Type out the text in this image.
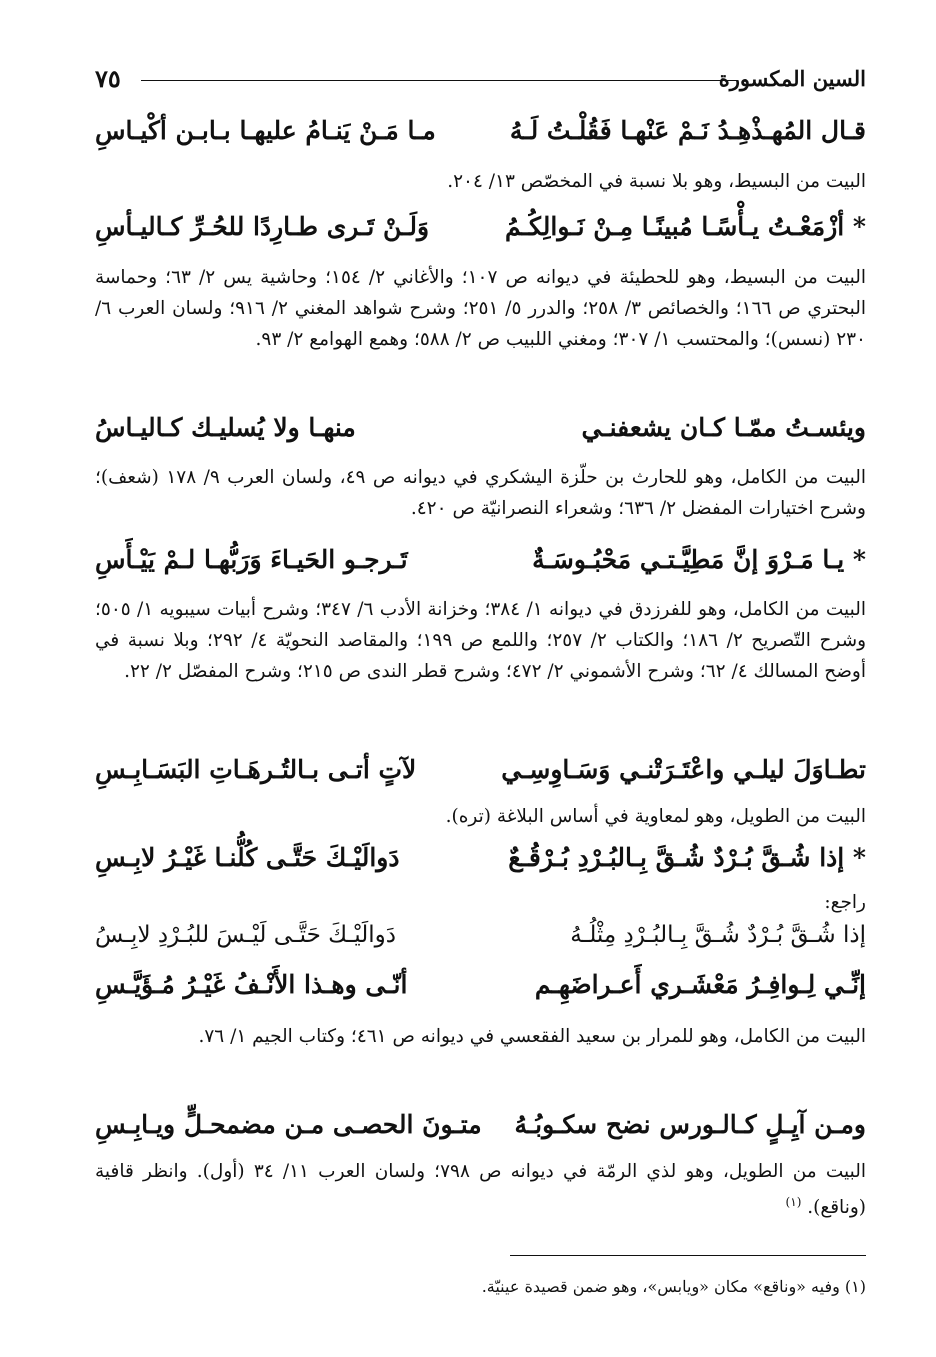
السين المكسورة
٧٥
قـال المُهـذْهِـدُ نَـمْ عَنْهـا فَقُلْـتُ لَـهُ
مـا مَـنْ يَنـامُ عليهـا بـابـن أكْيـاسِ
البيت من البسيط، وهو بلا نسبة في المخصّص ١٣/ ٢٠٤.
* أزْمَعْـتُ يـأْسًـا مُبينًـا مِـنْ نَـوالِكُـمُ
وَلَـنْ تَـرى طـارِدًا للحُـرِّ كـاليـأسِ
البيت من البسيط، وهو للحطيئة في ديوانه ص ١٠٧؛ والأغاني ٢/ ١٥٤؛ وحاشية يس ٢/ ٦٣؛ وحماسة البحتري ص ١٦٦؛ والخصائص ٣/ ٢٥٨؛ والدرر ٥/ ٢٥١؛ وشرح شواهد المغني ٢/ ٩١٦؛ ولسان العرب ٦/ ٢٣٠ (نسس)؛ والمحتسب ١/ ٣٠٧؛ ومغني اللبيب ص ٢/ ٥٨٨؛ وهمع الهوامع ٢/ ٩٣.
ويئسـتُ ممّـا كـان يشعفنـي
منهـا ولا يُسليـك كـاليـاسُ
البيت من الكامل، وهو للحارث بن حلّزة اليشكري في ديوانه ص ٤٩، ولسان العرب ٩/ ١٧٨ (شعف)؛ وشرح اختيارات المفضل ٢/ ٦٣٦؛ وشعراء النصرانيّة ص ٤٢٠.
* يـا مَـرْوَ إنَّ مَطِيَّـتـي مَحْبُـوسَـةٌ
تَـرجـو الحَيـاءَ وَرَبُّهـا لـمْ يَيْـأَسِ
البيت من الكامل، وهو للفرزدق في ديوانه ١/ ٣٨٤؛ وخزانة الأدب ٦/ ٣٤٧؛ وشرح أبيات سيبويه ١/ ٥٠٥؛ وشرح التّصريح ٢/ ١٨٦؛ والكتاب ٢/ ٢٥٧؛ واللمع ص ١٩٩؛ والمقاصد النحويّة ٤/ ٢٩٢؛ وبلا نسبة في أوضح المسالك ٤/ ٦٢؛ وشرح الأشموني ٢/ ٤٧٢؛ وشرح قطر الندى ص ٢١٥؛ وشرح المفصّل ٢/ ٢٢.
تطـاوَلَ ليلـي واعْتَـرَتْنـي وَسَـاوِسِـي
لآتٍ أتـى بـالتُـرهَـاتِ البَسَـابِـسِ
البيت من الطويل، وهو لمعاوية في أساس البلاغة (تره).
* إذا شُـقَّ بُـرْدٌ شُـقَّ بِـالبُـرْدِ بُـرْقُـعٌ
دَوالَيْـكَ حَتَّـى كُلُّنـا غَيْـرُ لابِـسِ
راجع:
إذا شُـقَّ بُـرْدٌ شُـقَّ بِـالبُـرْدِ مِثْلُـهُ
دَوالَيْـكَ حَتَّـى لَيْـسَ للبُـرْدِ لابِـسُ
إنِّـي لِـوافِـرُ مَعْشَـري أَعـراضَهِـم
أنّـى وهـذا الأَنْـفُ غَيْـرُ مُـؤَيَّـسِ
البيت من الكامل، وهو للمرار بن سعيد الفقعسي في ديوانه ص ٤٦١؛ وكتاب الجيم ١/ ٧٦.
ومـن آيِـلٍ كـالـورس نضح سكـوبُـهُ
متـونَ الحصـى مـن مضمحـلٍّ ويـابِـسِ
البيت من الطويل، وهو لذي الرمّة في ديوانه ص ٧٩٨؛ ولسان العرب ١١/ ٣٤ (أول). وانظر قافية (وناقع). $^{(١)}$
(١) وفيه «وناقع» مكان «ويابس»، وهو ضمن قصيدة عينيّة.
